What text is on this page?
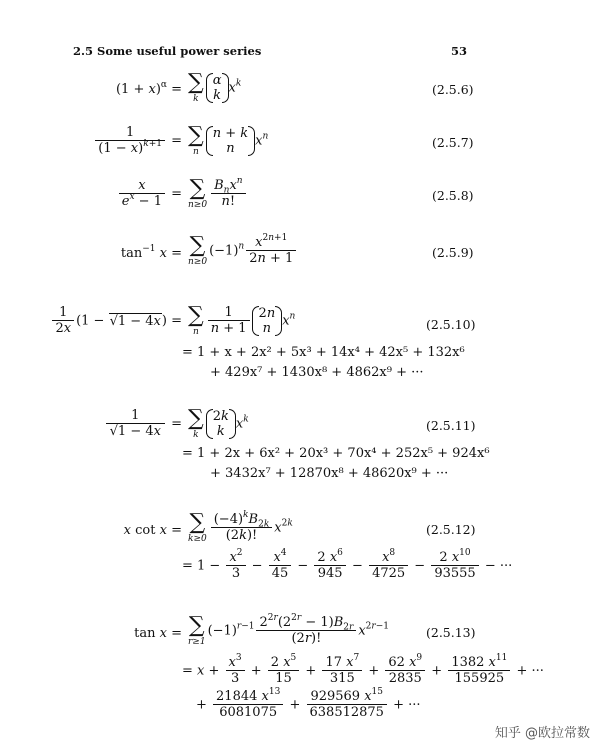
2.5 Some useful power series	53
$(1 + x)^\alpha$ = ∑
k
α
k $x^k$	(2.5.6)
$\frac{1}{(1 - x)^{k+1}}$ = ∑
n
n + k
n	$x^n$	(2.5.7)
$\frac{x}{e^x - 1}$ = ∑
$n\ge 0 \frac{B_nx^n}{n!}$	(2.5.8)
$\tan^{-1} x$ = ∑
n≥0
$(-1)^n \frac{x^{2n+1}}{2n + 1}$	(2.5.9)
$\frac{1}{2x} (1 - √1 - 4x)$ = ∑
n $\frac{1}{n + 1} 2n$
n $x^n$
(2.5.10)
= 1 + x + 2x² + 5x³ + 14x⁴ + 42x⁵ + 132x⁶
+ 429x⁷ + 1430x⁸ + 4862x⁹ + ···
$\frac{1}{√1 - 4x}$ = ∑
k
2k
k $x^k$	(2.5.11)
= 1 + 2x + 6x² + 20x³ + 70x⁴ + 252x⁵ + 924x⁶
+ 3432x⁷ + 12870x⁸ + 48620x⁹ + ···
x cot x = ∑
$k\ge 0 \frac{(-4)^kB_{2k}}{(2k)!} x^{2k}$	(2.5.12)
= $1 - \frac{x^2}{3} - \frac{x^4}{45} - \frac{2 x^6}{945} - \frac{x^8}{4725} - \frac{2 x^{10}}{93555}$ − ···
tan x = ∑
r≥1
$(-1)^{r-1} \frac{2^{2r}(2^{2r} - 1)B_{2r}}{(2r)!} x^{2r-1}$	(2.5.13)
= $x + \frac{x^3}{3} + \frac{2 x^5}{15} + \frac{17 x^7}{315} + \frac{62 x^9}{2835} + \frac{1382 x^{11}}{155925}$ + ···
+ $\frac{21844 x^{13}}{6081075} + \frac{929569 x^{15}}{638512875}$ + ···
知乎 @欧拉常数
